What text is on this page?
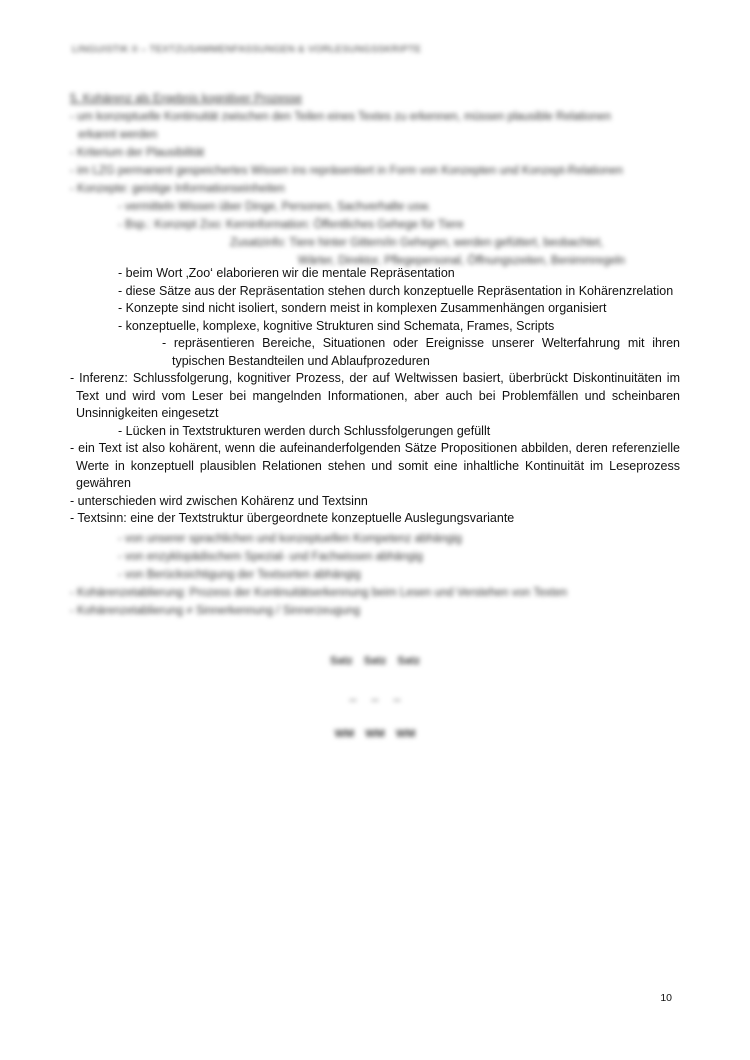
LINGUISTIK II – TEXTZUSAMMENFASSUNGEN & VORLESUNGSSKRIPTE
5. Kohärenz als Ergebnis kognitiver Prozesse
- um konzeptuelle Kontinuität zwischen den Teilen eines Textes zu erkennen, müssen plausible Relationen
erkannt werden
- Kriterium der Plausibilität
- im LZG permanent gespeichertes Wissen ins repräsentiert in Form von Konzepten und Konzept-Relationen
- Konzepte: geistige Informationseinheiten
- vermitteln Wissen über Dinge, Personen, Sachverhalte usw.
- Bsp.: Konzept Zoo: Kerninformation: Öffentliches Gehege für Tiere
Zusatzinfo: Tiere hinter Gittern/in Gehegen, werden gefüttert, beobachtet,
Wärter, Direktor, Pflegepersonal, Öffnungszeiten, Benimmregeln
- beim Wort ‚Zoo‘ elaborieren wir die mentale Repräsentation
- diese Sätze aus der Repräsentation stehen durch konzeptuelle Repräsentation in Kohärenzrelation
- Konzepte sind nicht isoliert, sondern meist in komplexen Zusammenhängen organisiert
- konzeptuelle, komplexe, kognitive Strukturen sind Schemata, Frames, Scripts
- repräsentieren Bereiche, Situationen oder Ereignisse unserer Welterfahrung mit ihren typischen Bestandteilen und Ablaufprozeduren
- Inferenz: Schlussfolgerung, kognitiver Prozess, der auf Weltwissen basiert, überbrückt Diskontinuitäten im Text und wird vom Leser bei mangelnden Informationen, aber auch bei Problemfällen und scheinbaren Unsinnigkeiten eingesetzt
- Lücken in Textstrukturen werden durch Schlussfolgerungen gefüllt
- ein Text ist also kohärent, wenn die aufeinanderfolgenden Sätze Propositionen abbilden, deren referenzielle Werte in konzeptuell plausiblen Relationen stehen und somit eine inhaltliche Kontinuität im Leseprozess gewähren
- unterschieden wird zwischen Kohärenz und Textsinn
- Textsinn: eine der Textstruktur übergeordnete konzeptuelle Auslegungsvariante
- von unserer sprachlichen und konzeptuellen Kompetenz abhängig
- von enzyklopädischem Spezial- und Fachwissen abhängig
- von Berücksichtigung der Textsorten abhängig
- Kohärenzetablierung: Prozess der Kontinuitätserkennung beim Lesen und Verstehen von Texten
- Kohärenzetablierung ≠ Sinnerkennung / Sinnerzeugung
Satz Satz Satz
↔ ↔ ↔
WM WM WM
10
